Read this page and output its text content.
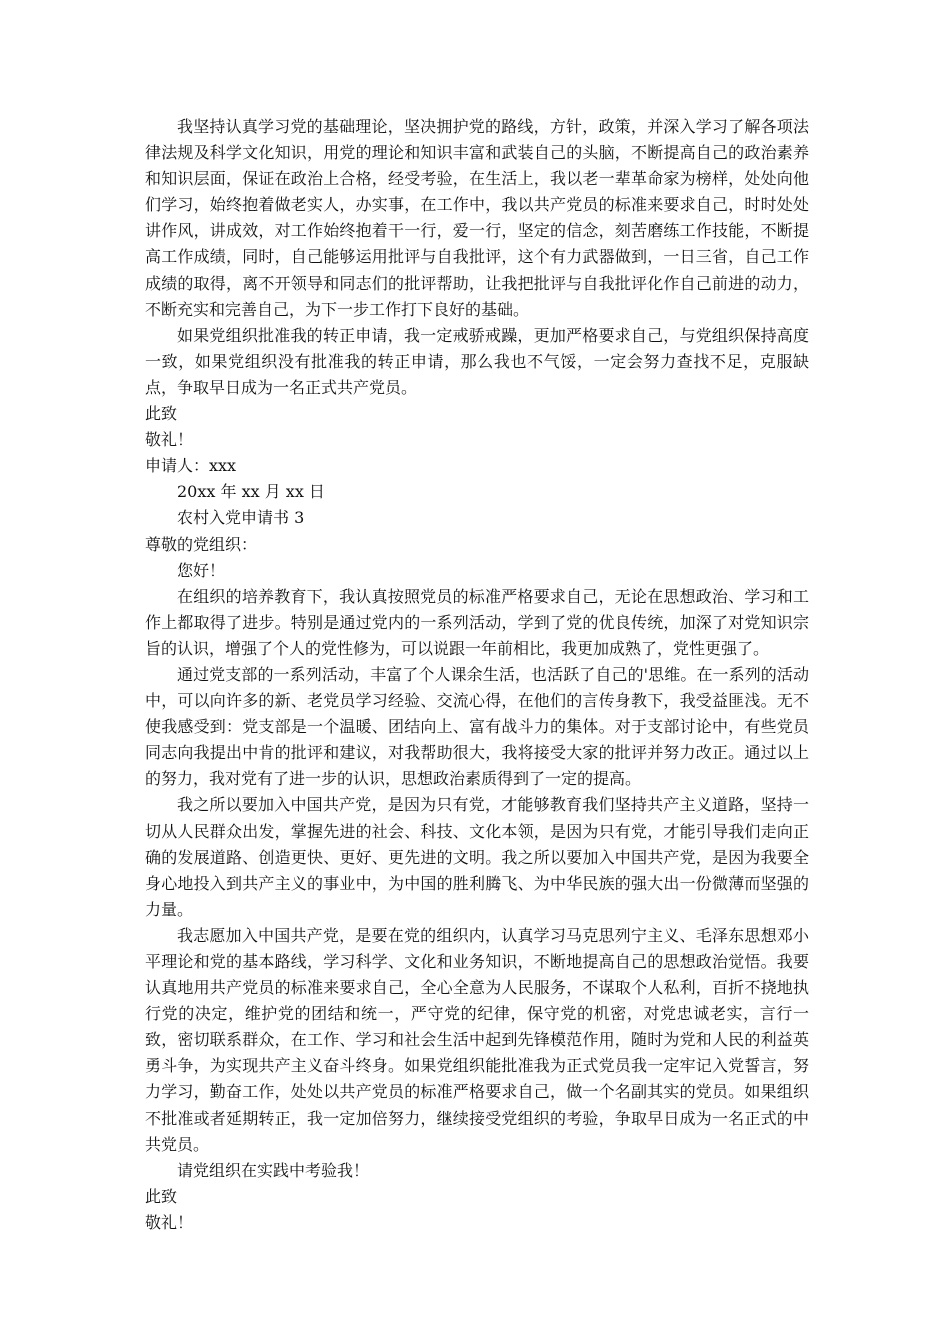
我坚持认真学习党的基础理论，坚决拥护党的路线，方针，政策，并深入学习了解各项法律法规及科学文化知识，用党的理论和知识丰富和武装自己的头脑，不断提高自己的政治素养和知识层面，保证在政治上合格，经受考验，在生活上，我以老一辈革命家为榜样，处处向他们学习，始终抱着做老实人，办实事，在工作中，我以共产党员的标准来要求自己，时时处处讲作风，讲成效，对工作始终抱着干一行，爱一行，坚定的信念，刻苦磨练工作技能，不断提高工作成绩，同时，自己能够运用批评与自我批评，这个有力武器做到，一日三省，自己工作成绩的取得，离不开领导和同志们的批评帮助，让我把批评与自我批评化作自己前进的动力，不断充实和完善自己，为下一步工作打下良好的基础。

如果党组织批准我的转正申请，我一定戒骄戒躁，更加严格要求自己，与党组织保持高度一致，如果党组织没有批准我的转正申请，那么我也不气馁，一定会努力查找不足，克服缺点，争取早日成为一名正式共产党员。

此致

敬礼！

申请人：xxx

20xx 年 xx 月 xx 日

农村入党申请书 3

尊敬的党组织：

您好！

在组织的培养教育下，我认真按照党员的标准严格要求自己，无论在思想政治、学习和工作上都取得了进步。特别是通过党内的一系列活动，学到了党的优良传统，加深了对党知识宗旨的认识，增强了个人的党性修为，可以说跟一年前相比，我更加成熟了，党性更强了。

通过党支部的一系列活动，丰富了个人课余生活，也活跃了自己的'思维。在一系列的活动中，可以向许多的新、老党员学习经验、交流心得，在他们的言传身教下，我受益匪浅。无不使我感受到：党支部是一个温暖、团结向上、富有战斗力的集体。对于支部讨论中，有些党员同志向我提出中肯的批评和建议，对我帮助很大，我将接受大家的批评并努力改正。通过以上的努力，我对党有了进一步的认识，思想政治素质得到了一定的提高。

我之所以要加入中国共产党，是因为只有党，才能够教育我们坚持共产主义道路，坚持一切从人民群众出发，掌握先进的社会、科技、文化本领，是因为只有党，才能引导我们走向正确的发展道路、创造更快、更好、更先进的文明。我之所以要加入中国共产党，是因为我要全身心地投入到共产主义的事业中，为中国的胜利腾飞、为中华民族的强大出一份微薄而坚强的力量。

我志愿加入中国共产党，是要在党的组织内，认真学习马克思列宁主义、毛泽东思想邓小平理论和党的基本路线，学习科学、文化和业务知识，不断地提高自己的思想政治觉悟。我要认真地用共产党员的标准来要求自己，全心全意为人民服务，不谋取个人私利，百折不挠地执行党的决定，维护党的团结和统一，严守党的纪律，保守党的机密，对党忠诚老实，言行一致，密切联系群众，在工作、学习和社会生活中起到先锋模范作用，随时为党和人民的利益英勇斗争，为实现共产主义奋斗终身。如果党组织能批准我为正式党员我一定牢记入党誓言，努力学习，勤奋工作，处处以共产党员的标准严格要求自己，做一个名副其实的党员。如果组织不批准或者延期转正，我一定加倍努力，继续接受党组织的考验，争取早日成为一名正式的中共党员。

请党组织在实践中考验我！

此致

敬礼！
